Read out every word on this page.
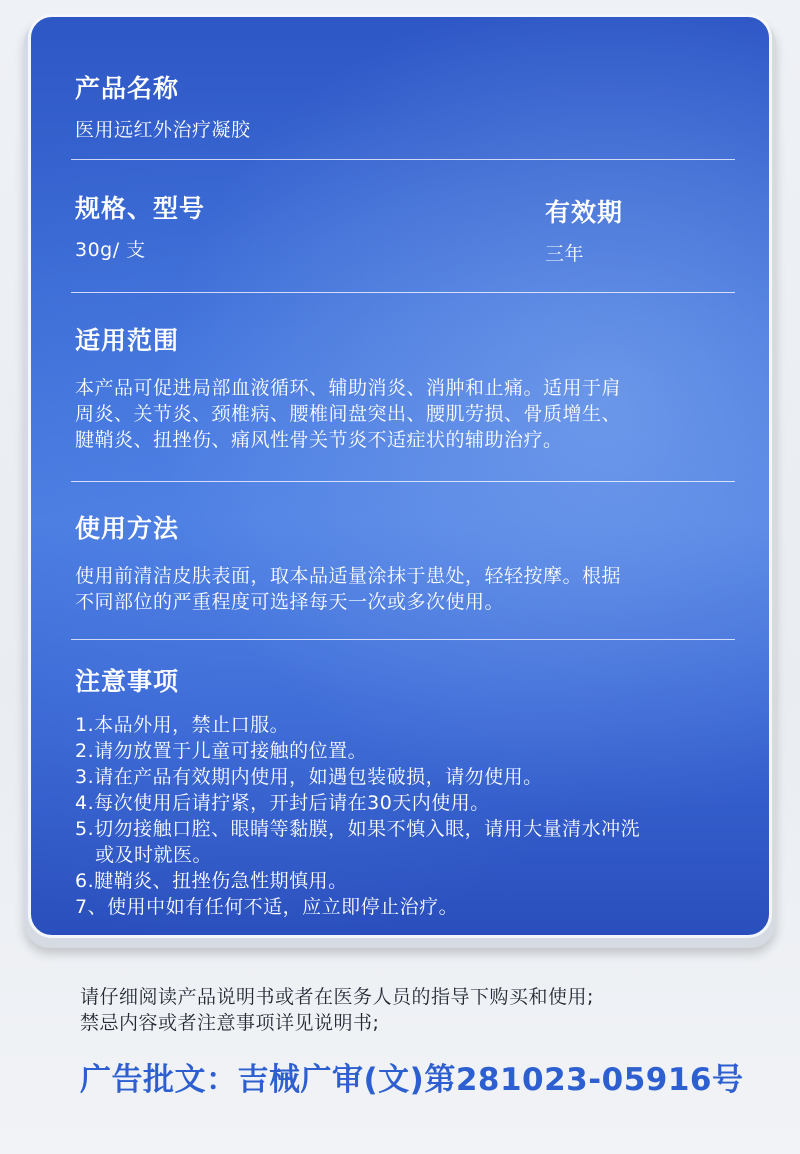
产品名称

医用远红外治疗凝胶

规格、型号

30g/ 支

有效期

三年

适用范围

本产品可促进局部血液循环、辅助消炎、消肿和止痛。适用于肩

周炎、关节炎、颈椎病、腰椎间盘突出、腰肌劳损、骨质增生、

腱鞘炎、扭挫伤、痛风性骨关节炎不适症状的辅助治疗。

使用方法

使用前清洁皮肤表面，取本品适量涂抹于患处，轻轻按摩。根据

不同部位的严重程度可选择每天一次或多次使用。

注意事项

1.本品外用，禁止口服。
2.请勿放置于儿童可接触的位置。
3.请在产品有效期内使用，如遇包装破损，请勿使用。
4.每次使用后请拧紧，开封后请在30天内使用。
5.切勿接触口腔、眼睛等黏膜，如果不慎入眼，请用大量清水冲洗
或及时就医。
6.腱鞘炎、扭挫伤急性期慎用。
7、使用中如有任何不适，应立即停止治疗。
请仔细阅读产品说明书或者在医务人员的指导下购买和使用;
禁忌内容或者注意事项详见说明书;
广告批文：吉械广审(文)第281023-05916号
